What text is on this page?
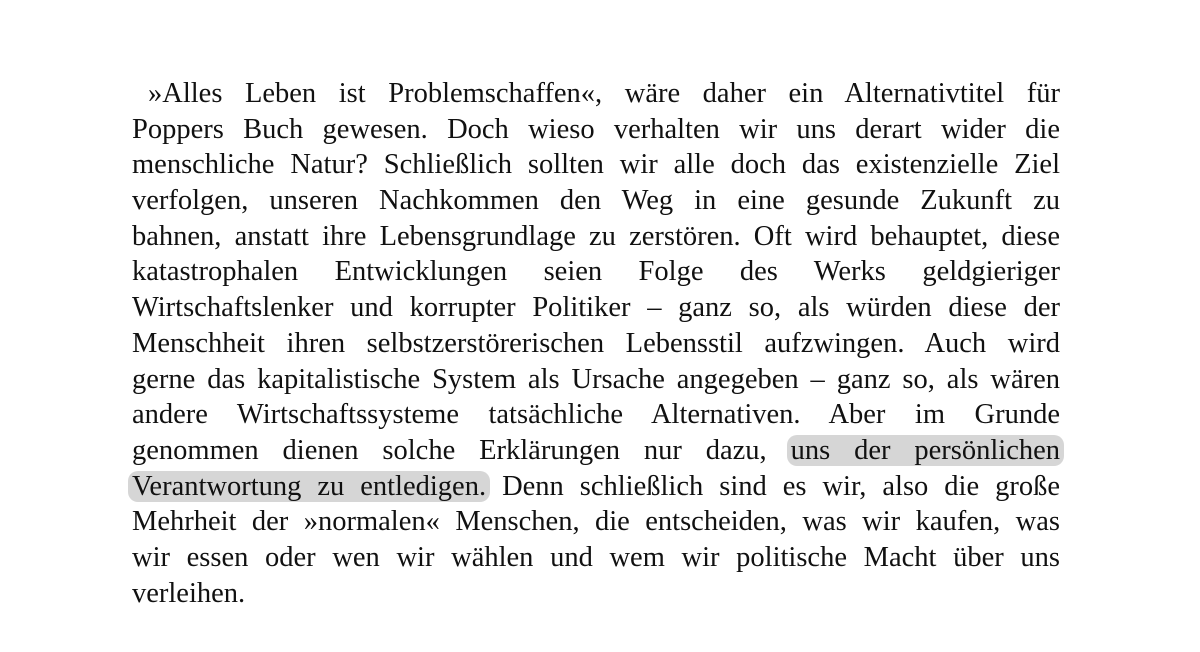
»Alles Leben ist Problemschaffen«, wäre daher ein Alternativtitel für
Poppers Buch gewesen. Doch wieso verhalten wir uns derart wider die
menschliche Natur? Schließlich sollten wir alle doch das existenzielle Ziel
verfolgen, unseren Nachkommen den Weg in eine gesunde Zukunft zu
bahnen, anstatt ihre Lebensgrundlage zu zerstören. Oft wird behauptet, diese
katastrophalen Entwicklungen seien Folge des Werks geldgieriger
Wirtschaftslenker und korrupter Politiker – ganz so, als würden diese der
Menschheit ihren selbstzerstörerischen Lebensstil aufzwingen. Auch wird
gerne das kapitalistische System als Ursache angegeben – ganz so, als wären
andere Wirtschaftssysteme tatsächliche Alternativen. Aber im Grunde
genommen dienen solche Erklärungen nur dazu, uns der persönlichen
Verantwortung zu entledigen. Denn schließlich sind es wir, also die große
Mehrheit der »normalen« Menschen, die entscheiden, was wir kaufen, was
wir essen oder wen wir wählen und wem wir politische Macht über uns
verleihen.
